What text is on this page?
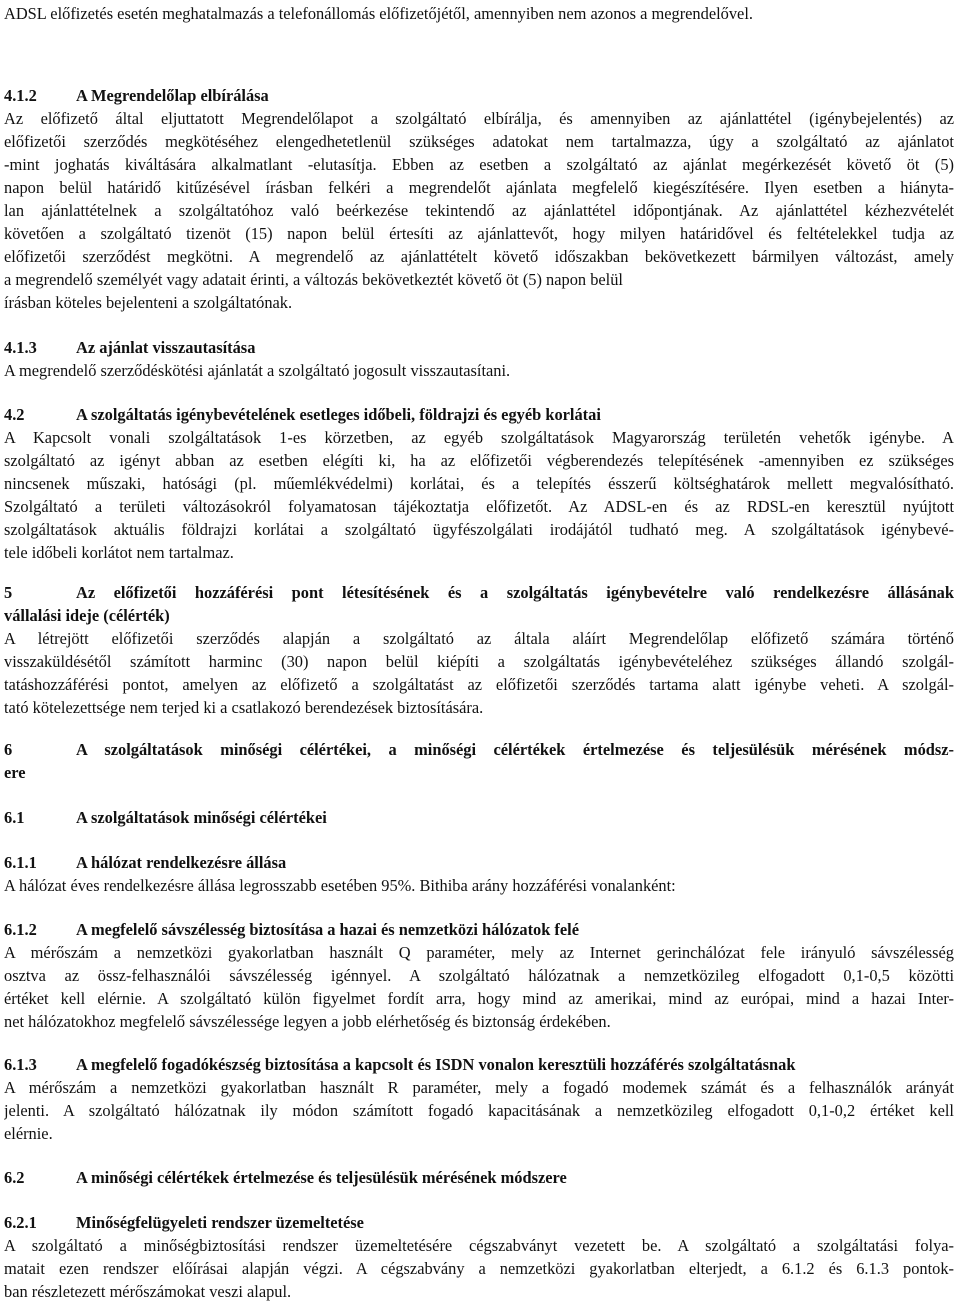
ADSL előfizetés esetén meghatalmazás a telefonállomás előfizetőjétől, amennyiben nem azonos a megrendelővel.
4.1.2 A Megrendelőlap elbírálása
Az előfizető által eljuttatott Megrendelőlapot a szolgáltató elbírálja, és amennyiben az ajánlattétel (igénybejelentés) az
előfizetői szerződés megkötéséhez elengedhetetlenül szükséges adatokat nem tartalmazza, úgy a szolgáltató az ajánlatot
-mint joghatás kiváltására alkalmatlant -elutasítja. Ebben az esetben a szolgáltató az ajánlat megérkezését követő öt (5)
napon belül határidő kitűzésével írásban felkéri a megrendelőt ajánlata megfelelő kiegészítésére. Ilyen esetben a hiányta-
lan ajánlattételnek a szolgáltatóhoz való beérkezése tekintendő az ajánlattétel időpontjának. Az ajánlattétel kézhezvételét
követően a szolgáltató tizenöt (15) napon belül értesíti az ajánlattevőt, hogy milyen határidővel és feltételekkel tudja az
előfizetői szerződést megkötni. A megrendelő az ajánlattételt követő időszakban bekövetkezett bármilyen változást, amely
a megrendelő személyét vagy adatait érinti, a változás bekövetkeztét követő öt (5) napon belül
írásban köteles bejelenteni a szolgáltatónak.
4.1.3 Az ajánlat visszautasítása
A megrendelő szerződéskötési ajánlatát a szolgáltató jogosult visszautasítani.
4.2	A szolgáltatás igénybevételének esetleges időbeli, földrajzi és egyéb korlátai
A Kapcsolt vonali szolgáltatások 1-es körzetben, az egyéb szolgáltatások Magyarország területén vehetők igénybe. A
szolgáltató az igényt abban az esetben elégíti ki, ha az előfizetői végberendezés telepítésének -amennyiben ez szükséges
nincsenek műszaki, hatósági (pl. műemlékvédelmi) korlátai, és a telepítés ésszerű költséghatárok mellett megvalósítható.
Szolgáltató a területi változásokról folyamatosan tájékoztatja előfizetőt. Az ADSL-en és az RDSL-en keresztül nyújtott
szolgáltatások aktuális földrajzi korlátai a szolgáltató ügyfészolgálati irodájától tudható meg. A szolgáltatások igénybevé-
tele időbeli korlátot nem tartalmaz.
5	Az előfizetői hozzáférési pont létesítésének és a szolgáltatás igénybevételre való rendelkezésre állásának
vállalási ideje (célérték)
A létrejött előfizetői szerződés alapján a szolgáltató az általa aláírt Megrendelőlap előfizető számára történő
visszaküldésétől számított harminc (30) napon belül kiépíti a szolgáltatás igénybevételéhez szükséges állandó szolgál-
tatáshozzáférési pontot, amelyen az előfizető a szolgáltatást az előfizetői szerződés tartama alatt igénybe veheti. A szolgál-
tató kötelezettsége nem terjed ki a csatlakozó berendezések biztosítására.
6	A szolgáltatások minőségi célértékei, a minőségi célértékek értelmezése és teljesülésük mérésének módsz-
ere
6.1	A szolgáltatások minőségi célértékei
6.1.1 A hálózat rendelkezésre állása
A hálózat éves rendelkezésre állása legrosszabb esetében 95%. Bithiba arány hozzáférési vonalanként:
6.1.2 A megfelelő sávszélesség biztosítása a hazai és nemzetközi hálózatok felé
A mérőszám a nemzetközi gyakorlatban használt Q paraméter, mely az Internet gerinchálózat fele irányuló sávszélesség
osztva az össz-felhasználói sávszélesség igénnyel. A szolgáltató hálózatnak a nemzetközileg elfogadott 0,1-0,5 közötti
értéket kell elérnie. A szolgáltató külön figyelmet fordít arra, hogy mind az amerikai, mind az európai, mind a hazai Inter-
net hálózatokhoz megfelelő sávszélessége legyen a jobb elérhetőség és biztonság érdekében.
6.1.3 A megfelelő fogadókészség biztosítása a kapcsolt és ISDN vonalon keresztüli hozzáférés szolgáltatásnak
A mérőszám a nemzetközi gyakorlatban használt R paraméter, mely a fogadó modemek számát és a felhasználók arányát
jelenti. A szolgáltató hálózatnak ily módon számított fogadó kapacitásának a nemzetközileg elfogadott 0,1-0,2 értéket kell
elérnie.
6.2	A minőségi célértékek értelmezése és teljesülésük mérésének módszere
6.2.1 Minőségfelügyeleti rendszer üzemeltetése
A szolgáltató a minőségbiztosítási rendszer üzemeltetésére cégszabványt vezetett be. A szolgáltató a szolgáltatási folya-
matait ezen rendszer előírásai alapján végzi. A cégszabvány a nemzetközi gyakorlatban elterjedt, a 6.1.2 és 6.1.3 pontok-
ban részletezett mérőszámokat veszi alapul.
